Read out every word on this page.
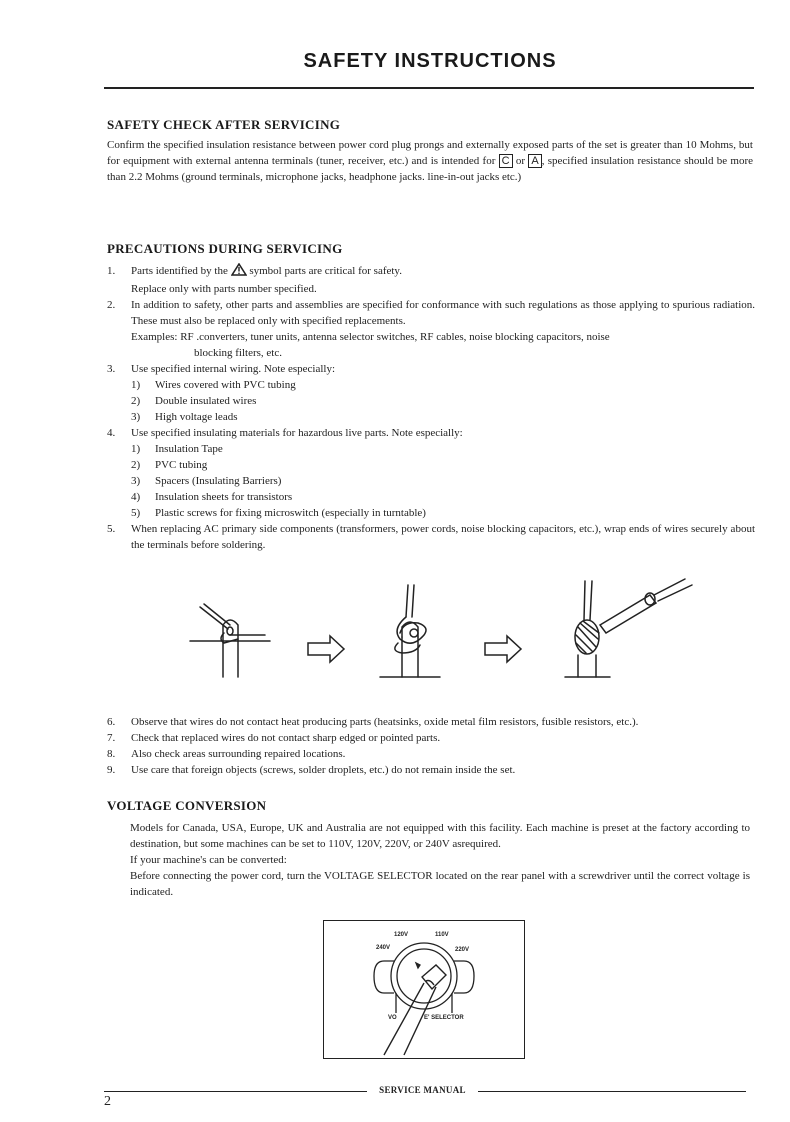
SAFETY INSTRUCTIONS
SAFETY CHECK AFTER SERVICING
Confirm the specified insulation resistance between power cord plug prongs and externally exposed parts of the set is greater than 10 Mohms, but for equipment with external antenna terminals (tuner, receiver, etc.) and is intended for C or A , specified insulation resistance should be more than 2.2 Mohms (ground terminals, microphone jacks, headphone jacks. line-in-out jacks etc.)
PRECAUTIONS DURING SERVICING
1. Parts identified by the symbol parts are critical for safety.
Replace only with parts number specified.
2. In addition to safety, other parts and assemblies are specified for conformance with such regulations as those applying to spurious radiation. These must also be replaced only with specified replacements.
Examples: RF .converters, tuner units, antenna selector switches, RF cables, noise blocking capacitors, noise
blocking filters, etc.
3. Use specified internal wiring. Note especially:
1) Wires covered with PVC tubing
2) Double insulated wires
3) High voltage leads
4. Use specified insulating materials for hazardous live parts. Note especially:
1) Insulation Tape
2) PVC tubing
3) Spacers (Insulating Barriers)
4) Insulation sheets for transistors
5) Plastic screws for fixing microswitch (especially in turntable)
5. When replacing AC primary side components (transformers, power cords, noise blocking capacitors, etc.), wrap ends of wires securely about the terminals before soldering.
6. Observe that wires do not contact heat producing parts (heatsinks, oxide metal film resistors, fusible resistors, etc.).
7. Check that replaced wires do not contact sharp edged or pointed parts.
8. Also check areas surrounding repaired locations.
9. Use care that foreign objects (screws, solder droplets, etc.) do not remain inside the set.
VOLTAGE CONVERSION
Models for Canada, USA, Europe, UK and Australia are not equipped with this facility. Each machine is preset at the factory according to destination, but some machines can be set to 110V, 120V, 220V, or 240V asrequired.
If your machine's can be converted:
Before connecting the power cord, turn the VOLTAGE SELECTOR located on the rear panel with a screwdriver until the correct voltage is indicated.
120V	110V
240V	220V
VO	E' SELECTOR
SERVICE MANUAL
2
